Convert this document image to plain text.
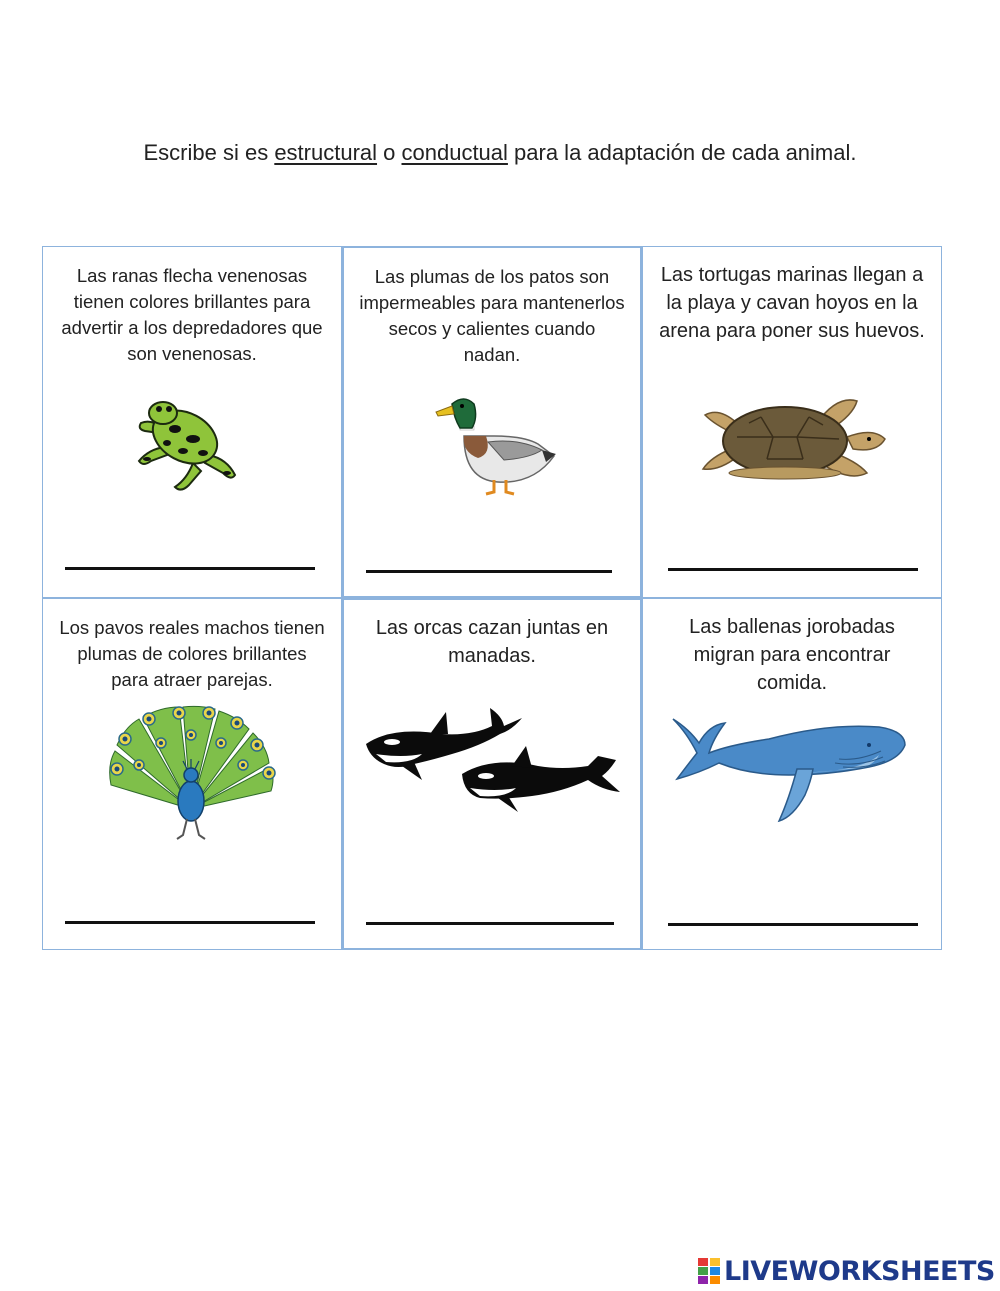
Escribe si es estructural o conductual para la adaptación de cada animal.
Las ranas flecha venenosas tienen colores brillantes para advertir a los depredadores que son venenosas.
Las plumas de los patos son impermeables para mantenerlos secos y calientes cuando nadan.
Las tortugas marinas llegan a la playa y cavan hoyos en la arena para poner sus huevos.
Los pavos reales machos tienen plumas de colores brillantes para atraer parejas.
Las orcas cazan juntas en manadas.
Las ballenas jorobadas migran para encontrar comida.
LIVEWORKSHEETS
